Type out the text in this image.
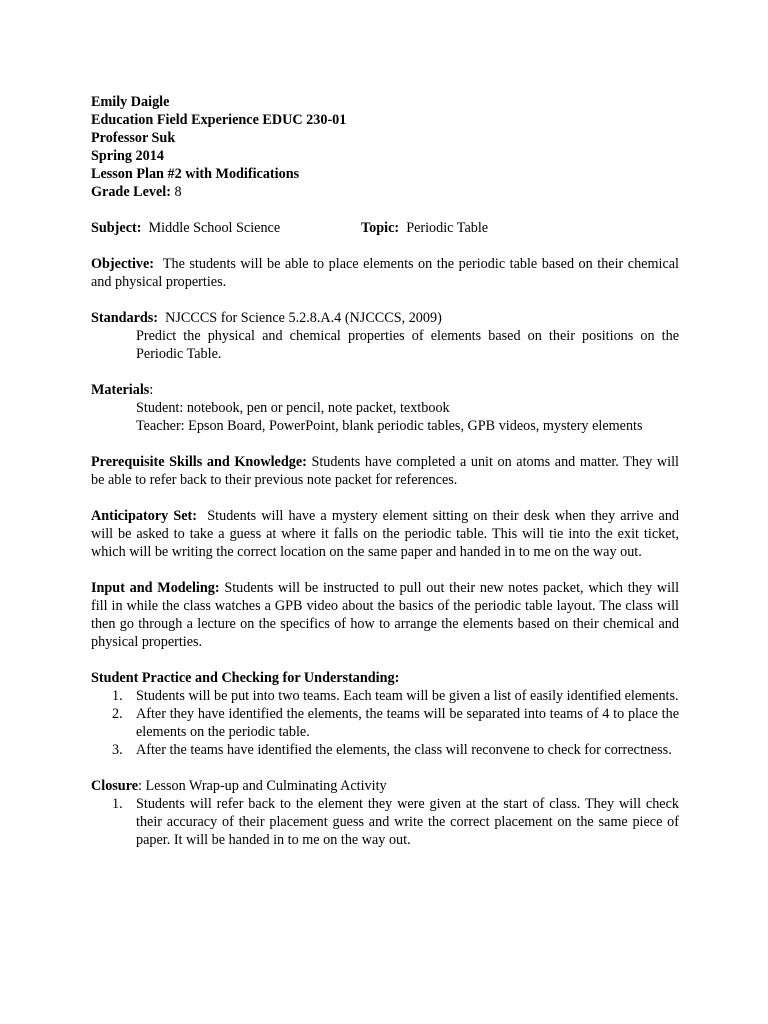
Emily Daigle

Education Field Experience EDUC 230-01

Professor Suk

Spring 2014

Lesson Plan #2 with Modifications

Grade Level: 8

Subject: Middle School Science	Topic: Periodic Table

Objective: The students will be able to place elements on the periodic table based on their chemical and physical properties.

Standards: NJCCCS for Science 5.2.8.A.4 (NJCCCS, 2009)

Predict the physical and chemical properties of elements based on their positions on the Periodic Table.

Materials:

Student: notebook, pen or pencil, note packet, textbook

Teacher: Epson Board, PowerPoint, blank periodic tables, GPB videos, mystery elements

Prerequisite Skills and Knowledge: Students have completed a unit on atoms and matter. They will be able to refer back to their previous note packet for references.

Anticipatory Set: Students will have a mystery element sitting on their desk when they arrive and will be asked to take a guess at where it falls on the periodic table. This will tie into the exit ticket, which will be writing the correct location on the same paper and handed in to me on the way out.

Input and Modeling: Students will be instructed to pull out their new notes packet, which they will fill in while the class watches a GPB video about the basics of the periodic table layout. The class will then go through a lecture on the specifics of how to arrange the elements based on their chemical and physical properties.

Student Practice and Checking for Understanding:

1. Students will be put into two teams. Each team will be given a list of easily identified elements.
2. After they have identified the elements, the teams will be separated into teams of 4 to place the elements on the periodic table.
3. After the teams have identified the elements, the class will reconvene to check for correctness.

Closure: Lesson Wrap-up and Culminating Activity

1. Students will refer back to the element they were given at the start of class. They will check their accuracy of their placement guess and write the correct placement on the same piece of paper. It will be handed in to me on the way out.
